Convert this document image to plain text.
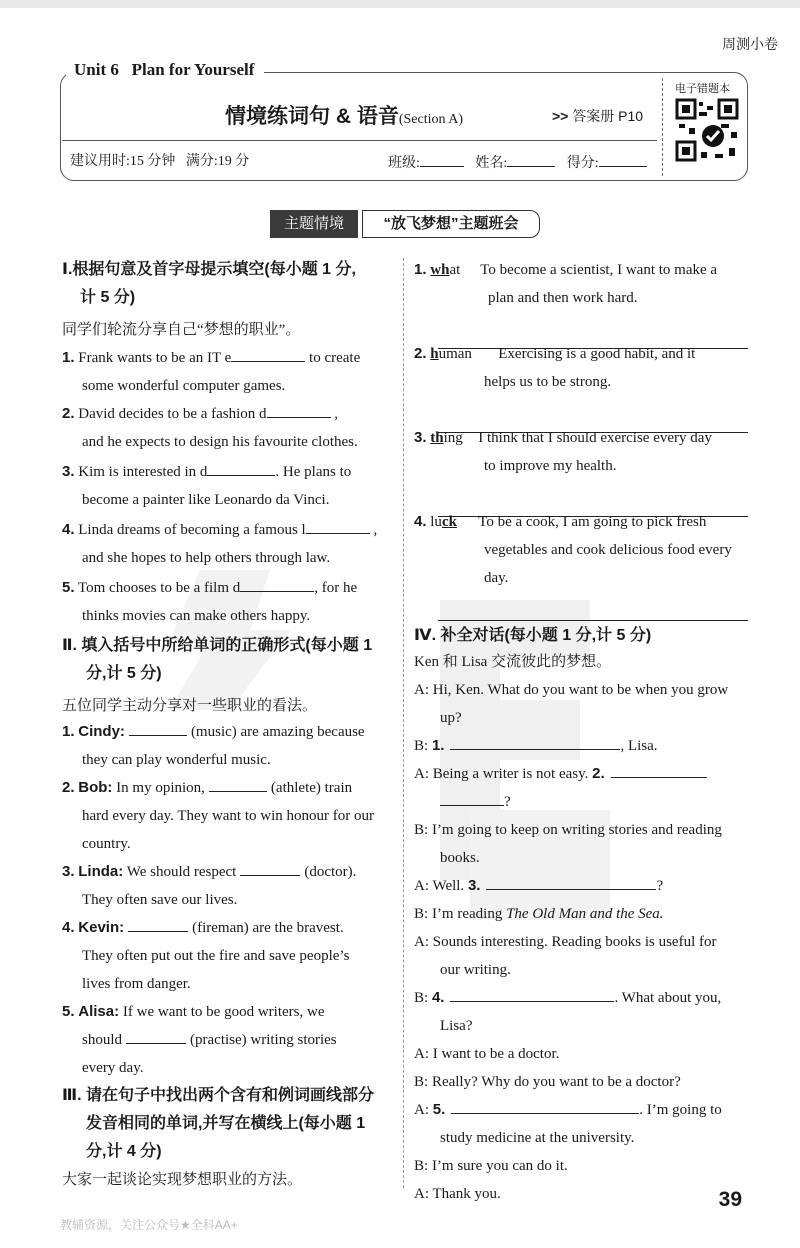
周测小卷
Unit 6   Plan for Yourself
情境练词句 & 语音(Section A)	>> 答案册 P10
建议用时:15 分钟   满分:19 分	班级:	姓名:	得分:
电子错题本
主题情境	“放飞梦想”主题班会
Ⅰ.根据句意及首字母提示填空(每小题 1 分,
计 5 分)
同学们轮流分享自己“梦想的职业”。
1. Frank wants to be an IT e	to create
some wonderful computer games.
2. David decides to be a fashion d	,
and he expects to design his favourite clothes.
3. Kim is interested in d	. He plans to
become a painter like Leonardo da Vinci.
4. Linda dreams of becoming a famous l	,
and she hopes to help others through law.
5. Tom chooses to be a film d	, for he
thinks movies can make others happy.
Ⅱ. 填入括号中所给单词的正确形式(每小题 1
分,计 5 分)
五位同学主动分享对一些职业的看法。
1. Cindy:	(music) are amazing because
they can play wonderful music.
2. Bob: In my opinion,	(athlete) train
hard every day. They want to win honour for our
country.
3. Linda: We should respect	(doctor).
They often save our lives.
4. Kevin:	(fireman) are the bravest.
They often put out the fire and save people’s
lives from danger.
5. Alisa: If we want to be good writers, we
should	(practise) writing stories
every day.
Ⅲ. 请在句子中找出两个含有和例词画线部分
发音相同的单词,并写在横线上(每小题 1
分,计 4 分)
大家一起谈论实现梦想职业的方法。
1. what To become a scientist, I want to make a
plan and then work hard.
2. human Exercising is a good habit, and it
helps us to be strong.
3. thing I think that I should exercise every day
to improve my health.
4. luck To be a cook, I am going to pick fresh
vegetables and cook delicious food every
day.
Ⅳ. 补全对话(每小题 1 分,计 5 分)
Ken 和 Lisa 交流彼此的梦想。
A: Hi, Ken. What do you want to be when you grow
up?
B: 1.	, Lisa.
A: Being a writer is not easy. 2.
?
B: I’m going to keep on writing stories and reading
books.
A: Well. 3.	?
B: I’m reading The Old Man and the Sea.
A: Sounds interesting. Reading books is useful for
our writing.
B: 4.	. What about you,
Lisa?
A: I want to be a doctor.
B: Really? Why do you want to be a doctor?
A: 5.	. I’m going to
study medicine at the university.
B: I’m sure you can do it.
A: Thank you.	39
教辅资源，关注公众号★全科AA+
